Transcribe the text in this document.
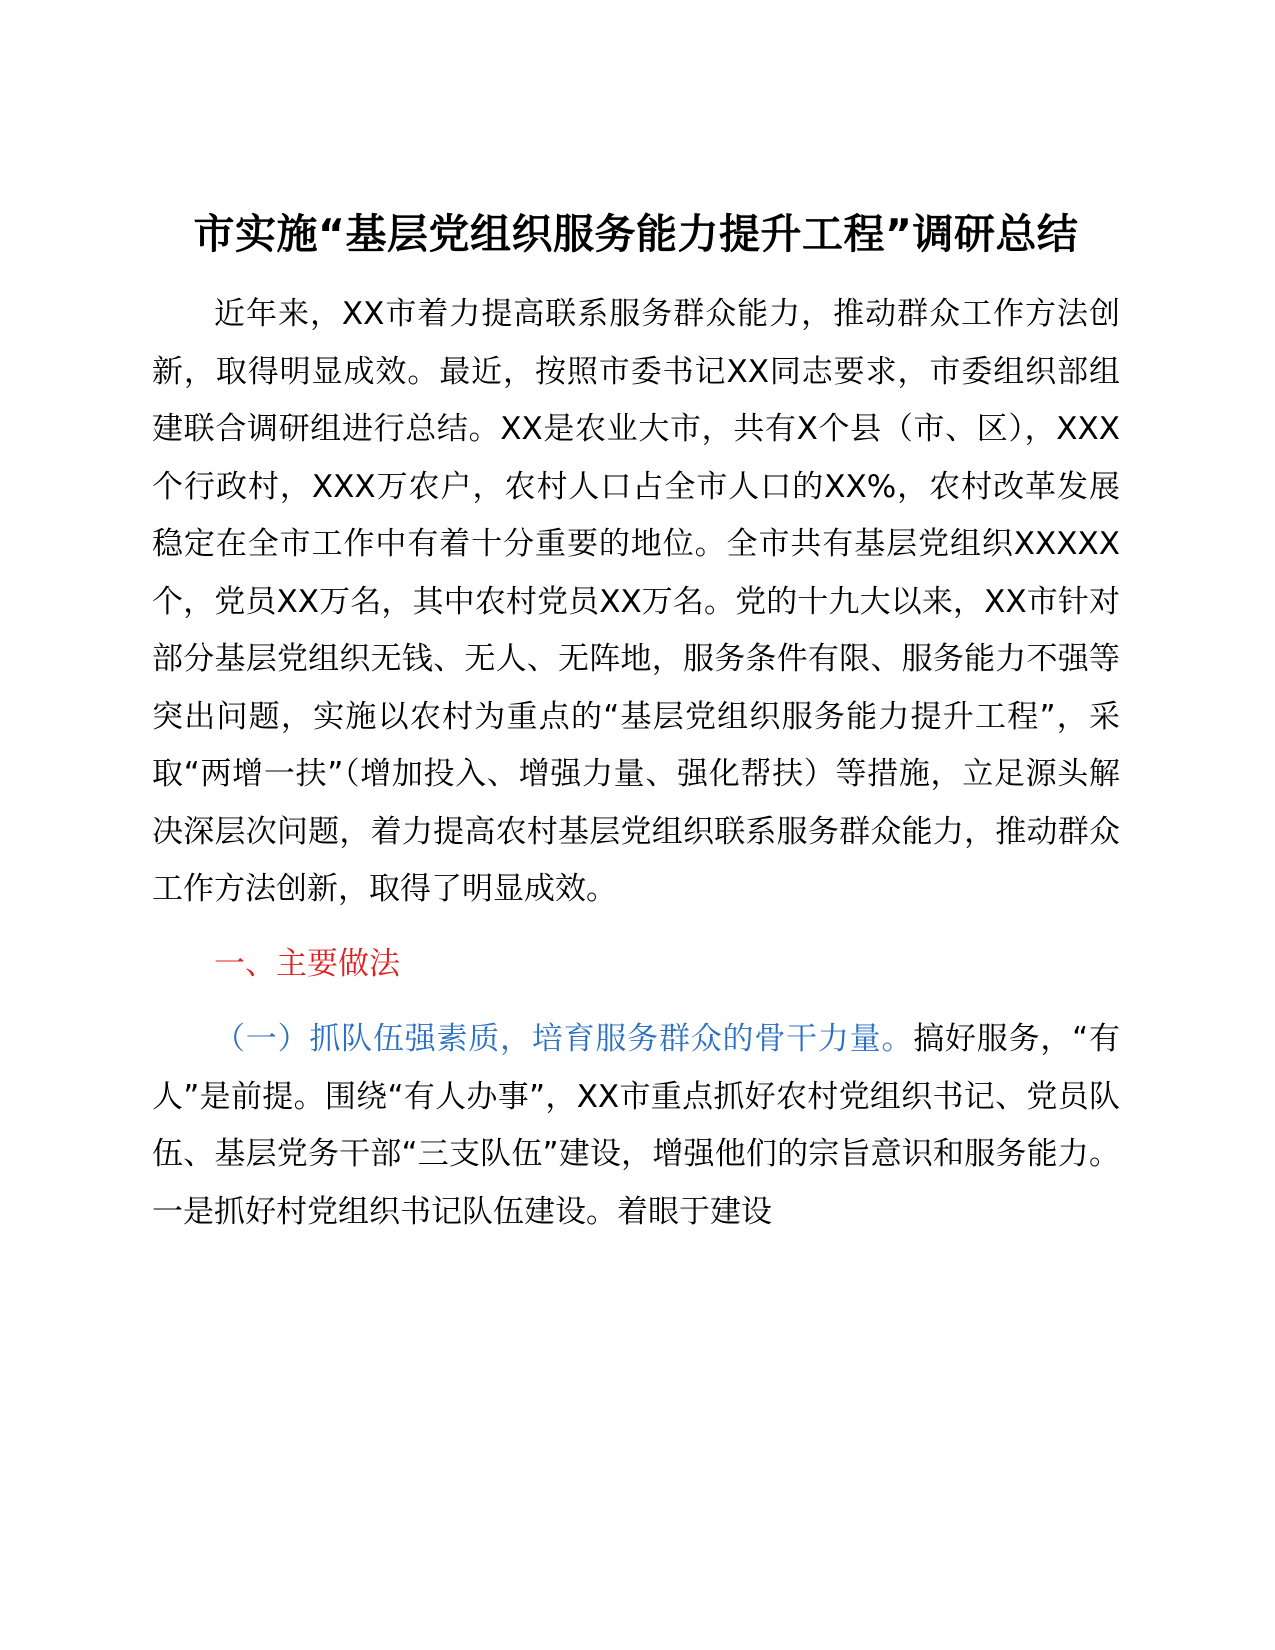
市实施“基层党组织服务能力提升工程”调研总结

近年来，XX市着力提高联系服务群众能力，推动群众工作方法创新，取得明显成效。最近，按照市委书记XX同志要求，市委组织部组建联合调研组进行总结。XX是农业大市，共有X个县（市、区），XXX个行政村，XXX万农户，农村人口占全市人口的XX%，农村改革发展稳定在全市工作中有着十分重要的地位。全市共有基层党组织XXXXX个，党员XX万名，其中农村党员XX万名。党的十九大以来，XX市针对部分基层党组织无钱、无人、无阵地，服务条件有限、服务能力不强等突出问题，实施以农村为重点的“基层党组织服务能力提升工程”，采取“两增一扶”（增加投入、增强力量、强化帮扶）等措施，立足源头解决深层次问题，着力提高农村基层党组织联系服务群众能力，推动群众工作方法创新，取得了明显成效。

一、主要做法

（一）抓队伍强素质，培育服务群众的骨干力量。搞好服务，“有人”是前提。围绕“有人办事”，XX市重点抓好农村党组织书记、党员队伍、基层党务干部“三支队伍”建设，增强他们的宗旨意识和服务能力。一是抓好村党组织书记队伍建设。着眼于建设
